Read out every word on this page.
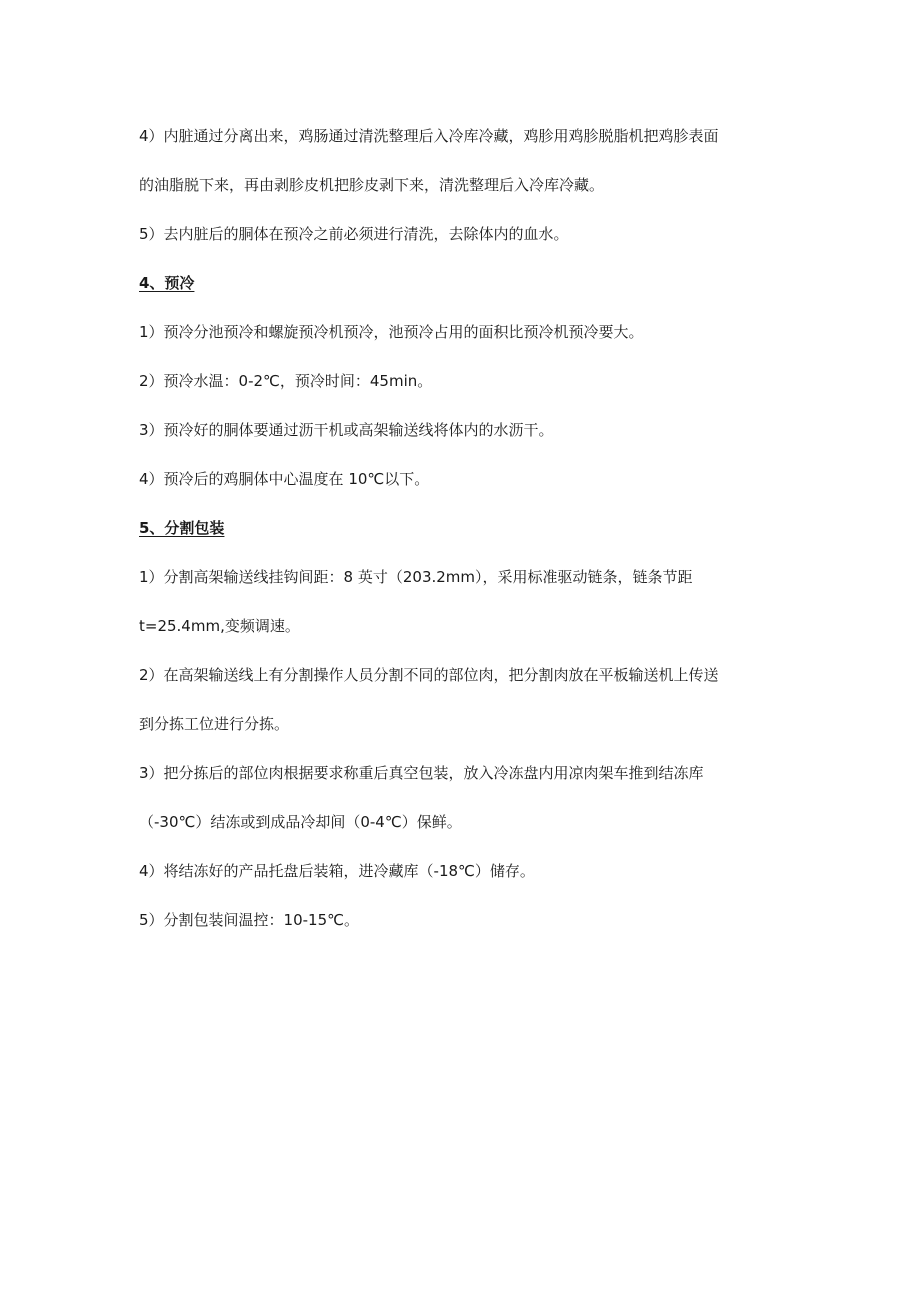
4）内脏通过分离出来，鸡肠通过清洗整理后入冷库冷藏，鸡胗用鸡胗脱脂机把鸡胗表面
的油脂脱下来，再由剥胗皮机把胗皮剥下来，清洗整理后入冷库冷藏。
5）去内脏后的胴体在预冷之前必须进行清洗，去除体内的血水。
4、预冷
1）预冷分池预冷和螺旋预冷机预冷，池预冷占用的面积比预冷机预冷要大。
2）预冷水温：0-2℃，预冷时间：45min。
3）预冷好的胴体要通过沥干机或高架输送线将体内的水沥干。
4）预冷后的鸡胴体中心温度在 10℃以下。
5、分割包装
1）分割高架输送线挂钩间距：8 英寸（203.2mm），采用标准驱动链条，链条节距
t=25.4mm,变频调速。
2）在高架输送线上有分割操作人员分割不同的部位肉，把分割肉放在平板输送机上传送
到分拣工位进行分拣。
3）把分拣后的部位肉根据要求称重后真空包装，放入冷冻盘内用凉肉架车推到结冻库
（-30℃）结冻或到成品冷却间（0-4℃）保鲜。
4）将结冻好的产品托盘后装箱，进冷藏库（-18℃）储存。
5）分割包装间温控：10-15℃。
